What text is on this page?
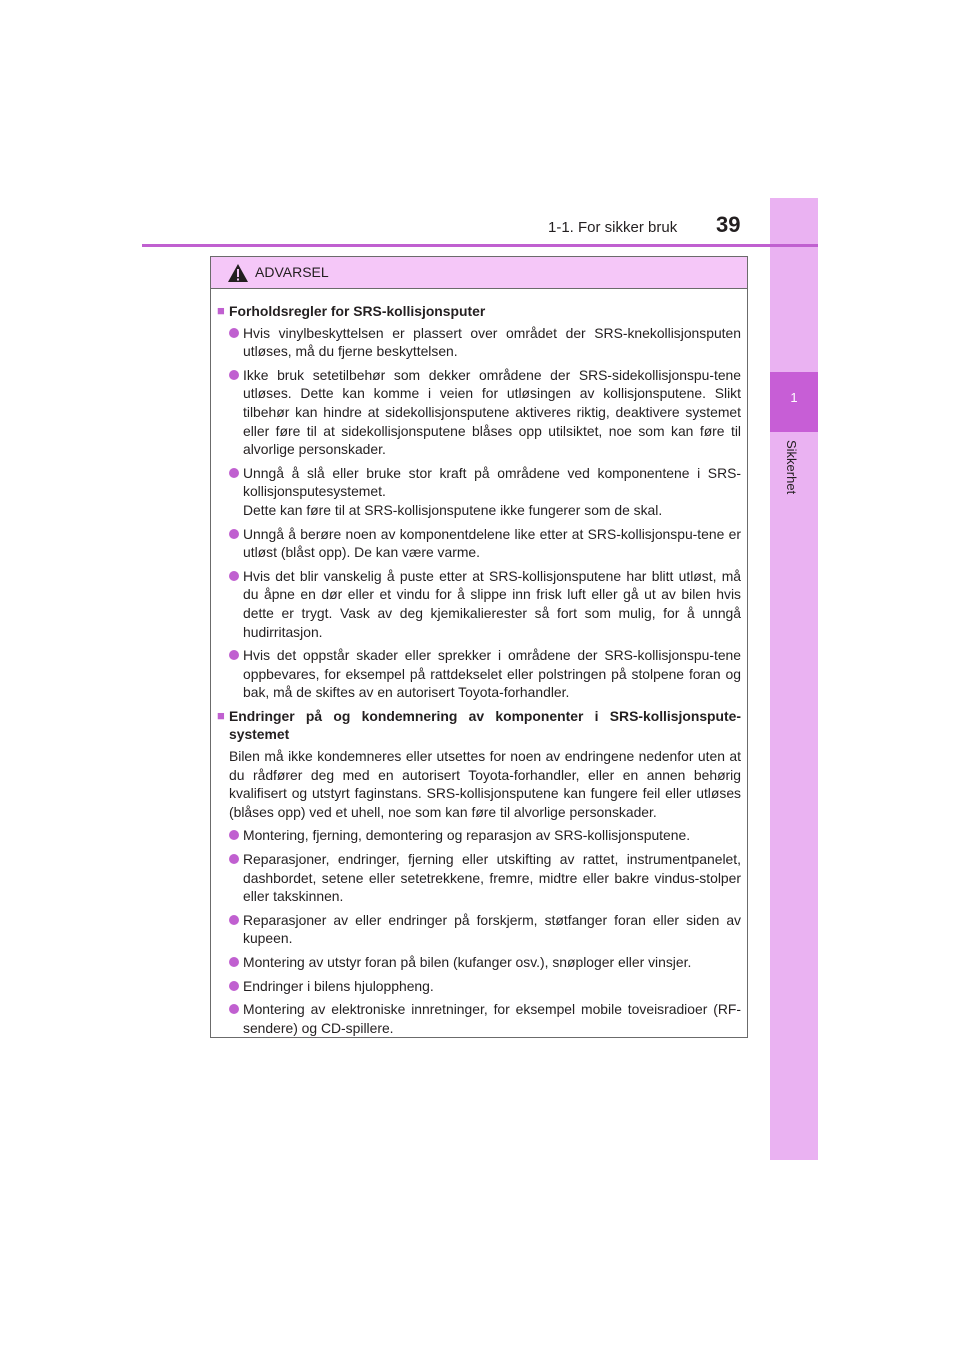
1
Sikkerhet
1-1. For sikker bruk 39
ADVARSEL
■ Forholdsregler for SRS-kollisjonsputer
Hvis vinylbeskyttelsen er plassert over området der SRS-knekollisjonsputen utløses, må du fjerne beskyttelsen.
Ikke bruk setetilbehør som dekker områdene der SRS-sidekollisjonspu-tene utløses. Dette kan komme i veien for utløsingen av kollisjonsputene. Slikt tilbehør kan hindre at sidekollisjonsputene aktiveres riktig, deaktivere systemet eller føre til at sidekollisjonsputene blåses opp utilsiktet, noe som kan føre til alvorlige personskader.
Unngå å slå eller bruke stor kraft på områdene ved komponentene i SRS-kollisjonsputesystemet.
Dette kan føre til at SRS-kollisjonsputene ikke fungerer som de skal.
Unngå å berøre noen av komponentdelene like etter at SRS-kollisjonspu-tene er utløst (blåst opp). De kan være varme.
Hvis det blir vanskelig å puste etter at SRS-kollisjonsputene har blitt utløst, må du åpne en dør eller et vindu for å slippe inn frisk luft eller gå ut av bilen hvis dette er trygt. Vask av deg kjemikalierester så fort som mulig, for å unngå hudirritasjon.
Hvis det oppstår skader eller sprekker i områdene der SRS-kollisjonspu-tene oppbevares, for eksempel på rattdekselet eller polstringen på stolpene foran og bak, må de skiftes av en autorisert Toyota-forhandler.
■ Endringer på og kondemnering av komponenter i SRS-kollisjonspute-systemet
Bilen må ikke kondemneres eller utsettes for noen av endringene nedenfor uten at du rådfører deg med en autorisert Toyota-forhandler, eller en annen behørig kvalifisert og utstyrt faginstans. SRS-kollisjonsputene kan fungere feil eller utløses (blåses opp) ved et uhell, noe som kan føre til alvorlige personskader.
Montering, fjerning, demontering og reparasjon av SRS-kollisjonsputene.
Reparasjoner, endringer, fjerning eller utskifting av rattet, instrumentpanelet, dashbordet, setene eller setetrekkene, fremre, midtre eller bakre vindus-stolper eller takskinnen.
Reparasjoner av eller endringer på forskjerm, støtfanger foran eller siden av kupeen.
Montering av utstyr foran på bilen (kufanger osv.), snøploger eller vinsjer.
Endringer i bilens hjuloppheng.
Montering av elektroniske innretninger, for eksempel mobile toveisradioer (RF-sendere) og CD-spillere.
